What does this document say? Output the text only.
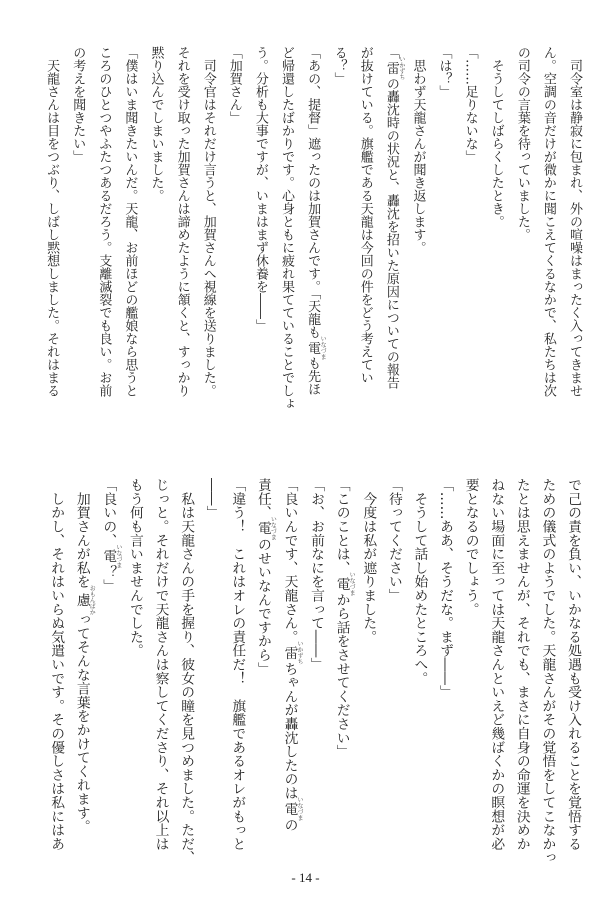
　司令室は静寂に包まれ、外の喧噪はまったく入ってきませ
ん。空調の音だけが微かに聞こえてくるなかで、私たちは次
の司令の言葉を待っていました。
　そうしてしばらくしたとき。
「……足りないな」
「は？」
　思わず天龍さんが聞き返します。
「雷 いかずちの轟沈時の状況と、轟沈を招いた原因についての報告
が抜けている。旗艦である天龍は今回の件をどう考えてい
る？」
「あの、提督」遮ったのは加賀さんです。「天龍も電 いなづまも先ほ
ど帰還したばかりです。心身ともに疲れ果てていることでしょ
う。分析も大事ですが、いまはまず休養を――」
「加賀さん」
　司令官はそれだけ言うと、加賀さんへ視線を送りました。
それを受け取った加賀さんは諦めたように頷くと、すっかり
黙り込んでしまいました。
「僕はいま聞きたいんだ。天龍、お前ほどの艦娘なら思うと
ころのひとつやふたつあるだろう。支離滅裂でも良い。お前
の考えを聞きたい」
　天龍さんは目をつぶり、しばし黙想しました。それはまる
で己の責を負い、いかなる処遇も受け入れることを覚悟する
ための儀式のようでした。天龍さんがその覚悟をしてこなかっ
たとは思えませんが、それでも、まさに自身の命運を決めか
ねない場面に至っては天龍さんといえど幾ばくかの瞑想が必
要となるのでしょう。
「……ああ、そうだな。まず――」
　そうして話し始めたところへ。
「待ってください」
　今度は私が遮りました。
「このことは、電いなづまから話をさせてください」
「お、お前なにを言って――」
「良いんです、天龍さん。雷いかずちちゃんが轟沈したのは電いなづまの
責任、電いなづまのせいなんですから」
「違う！　これはオレの責任だ！　旗艦であるオレがもっと
――」
　私は天龍さんの手を握り、彼女の瞳を見つめました。ただ、
じっと。それだけで天龍さんは察してくださり、それ以上は
もう何も言いませんでした。
「良いの、電いなづま？」
　加賀さんが私を慮おもんぱかってそんな言葉をかけてくれます。
　しかし、それはいらぬ気遣いです。その優しさは私にはあ
- 14 -
